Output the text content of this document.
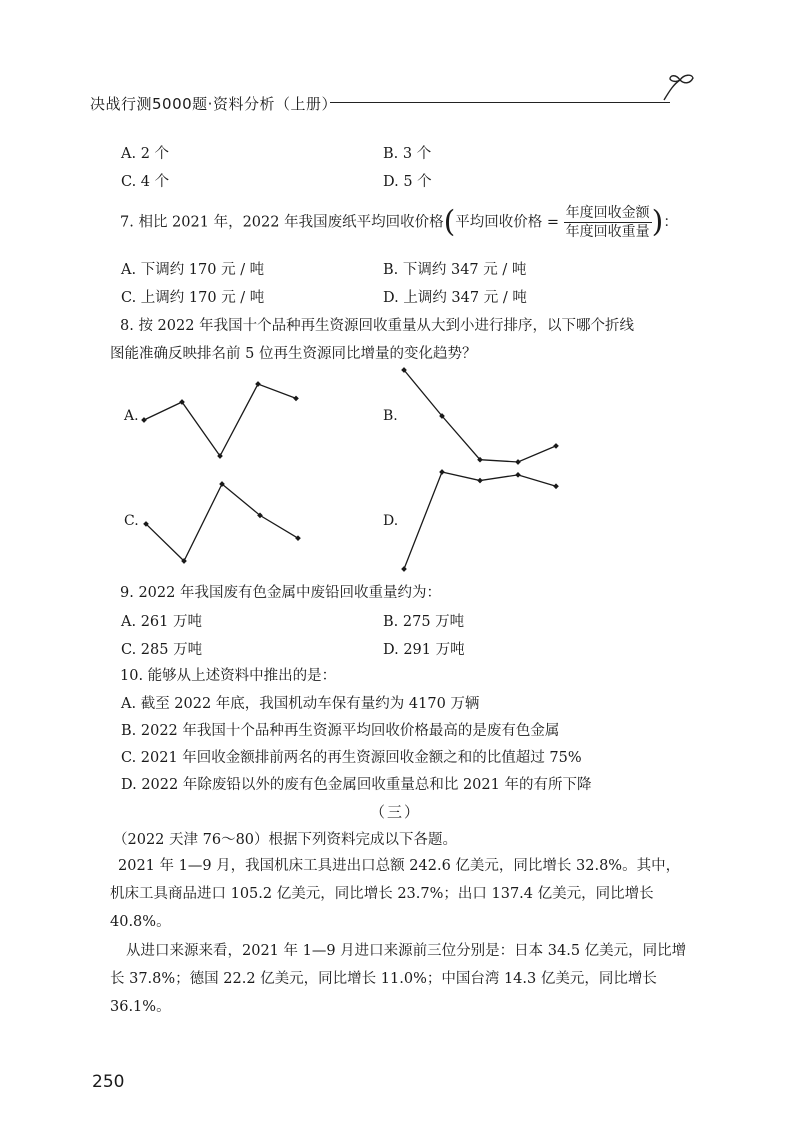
决战行测5000题·资料分析（上册）
A. 2 个	B. 3 个
C. 4 个	D. 5 个
7. 相比 2021 年，2022 年我国废纸平均回收价格(平均回收价格 = $\frac{\text{年度回收金额}}{\text{年度回收重量}}$ )：
A. 下调约 170 元 / 吨	B. 下调约 347 元 / 吨
C. 上调约 170 元 / 吨	D. 上调约 347 元 / 吨
8. 按 2022 年我国十个品种再生资源回收重量从大到小进行排序，以下哪个折线
图能准确反映排名前 5 位再生资源同比增量的变化趋势？
A.	B.
C.	D.
9. 2022 年我国废有色金属中废铅回收重量约为：
A. 261 万吨	B. 275 万吨
C. 285 万吨	D. 291 万吨
10. 能够从上述资料中推出的是：
A. 截至 2022 年底，我国机动车保有量约为 4170 万辆
B. 2022 年我国十个品种再生资源平均回收价格最高的是废有色金属
C. 2021 年回收金额排前两名的再生资源回收金额之和的比值超过 75%
D. 2022 年除废铅以外的废有色金属回收重量总和比 2021 年的有所下降
（三）
（2022 天津 76～80）根据下列资料完成以下各题。
2021 年 1—9 月，我国机床工具进出口总额 242.6 亿美元，同比增长 32.8%。其中，机床工具商品进口 105.2 亿美元，同比增长 23.7%；出口 137.4 亿美元，同比增长 40.8%。
从进口来源来看，2021 年 1—9 月进口来源前三位分别是：日本 34.5 亿美元，同比增长 37.8%；德国 22.2 亿美元，同比增长 11.0%；中国台湾 14.3 亿美元，同比增长 36.1%。
250
